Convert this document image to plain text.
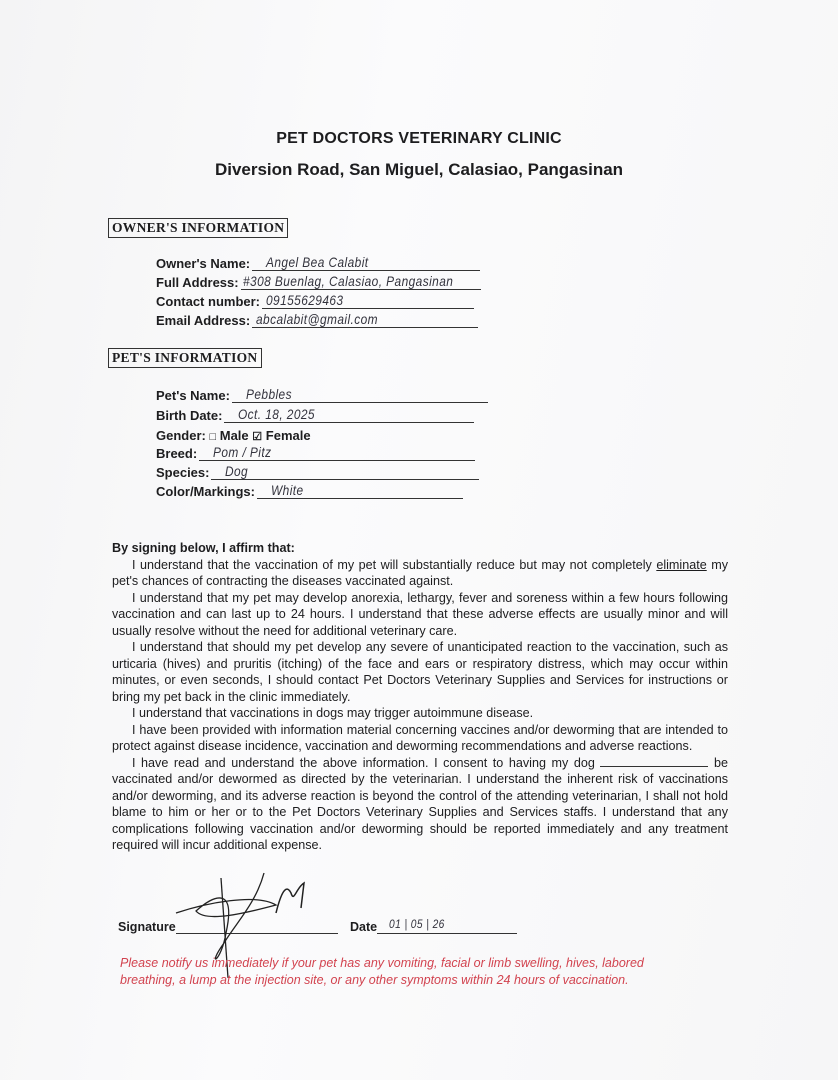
PET DOCTORS VETERINARY CLINIC
Diversion Road, San Miguel, Calasiao, Pangasinan
OWNER'S INFORMATION
Owner's Name: Angel Bea Calabit
Full Address: #308 Buenlag, Calasiao, Pangasinan
Contact number: 09155629463
Email Address: abcalabit@gmail.com
PET'S INFORMATION
Pet's Name: Pebbles
Birth Date: Oct. 18, 2025
Gender: □ Male ☑ Female
Breed: Pom / Pitz
Species: Dog
Color/Markings: White

By signing below, I affirm that:

I understand that the vaccination of my pet will substantially reduce but may not completely eliminate my pet's chances of contracting the diseases vaccinated against.

I understand that my pet may develop anorexia, lethargy, fever and soreness within a few hours following vaccination and can last up to 24 hours. I understand that these adverse effects are usually minor and will usually resolve without the need for additional veterinary care.

I understand that should my pet develop any severe of unanticipated reaction to the vaccination, such as urticaria (hives) and pruritis (itching) of the face and ears or respiratory distress, which may occur within minutes, or even seconds, I should contact Pet Doctors Veterinary Supplies and Services for instructions or bring my pet back in the clinic immediately.

I understand that vaccinations in dogs may trigger autoimmune disease.

I have been provided with information material concerning vaccines and/or deworming that are intended to protect against disease incidence, vaccination and deworming recommendations and adverse reactions.

I have read and understand the above information. I consent to having my dog	be vaccinated and/or dewormed as directed by the veterinarian. I understand the inherent risk of vaccinations and/or deworming, and its adverse reaction is beyond the control of the attending veterinarian, I shall not hold blame to him or her or to the Pet Doctors Veterinary Supplies and Services staffs. I understand that any complications following vaccination and/or deworming should be reported immediately and any treatment required will incur additional expense.

Signature	Date 01 | 05 | 26
Please notify us immediately if your pet has any vomiting, facial or limb swelling, hives, labored breathing, a lump at the injection site, or any other symptoms within 24 hours of vaccination.
